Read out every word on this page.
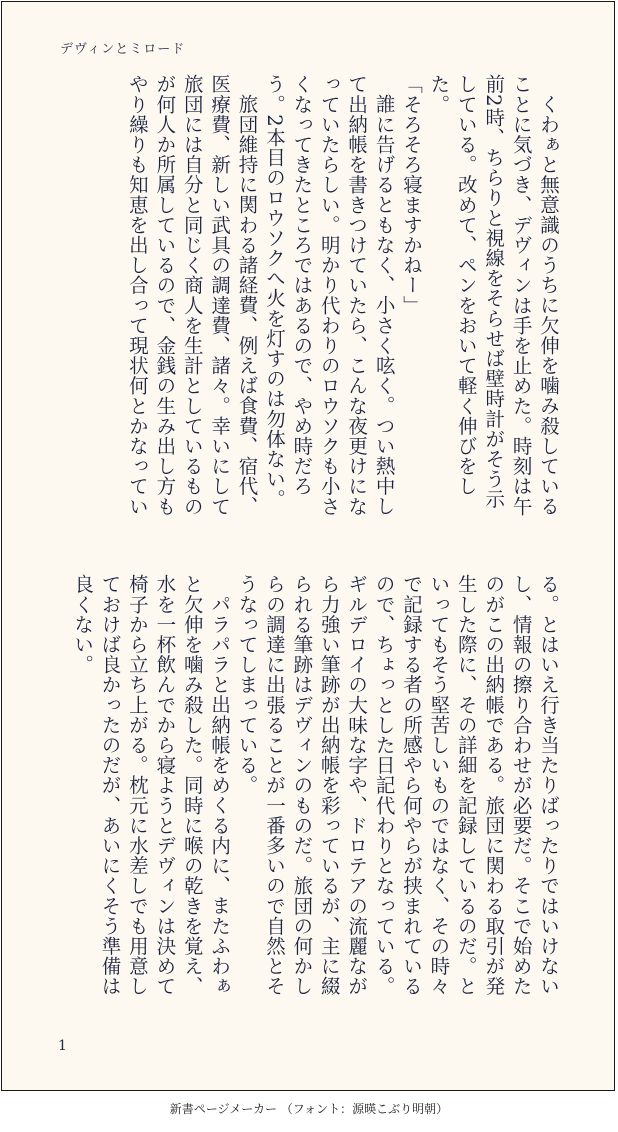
デヴィンとミロード

くわぁと無意識のうちに欠伸を噛み殺していることに気づき、デヴィンは手を止めた。時刻は午前2時、ちらりと視線をそらせば壁時計がそう示している。改めて、ペンをおいて軽く伸びをした。

「そろそろ寝ますかねー」

誰に告げるともなく、小さく呟く。つい熱中して出納帳を書きつけていたら、こんな夜更けになっていたらしい。明かり代わりのロウソクも小さくなってきたところではあるので、やめ時だろう。2本目のロウソクへ火を灯すのは勿体ない。

旅団維持に関わる諸経費、例えば食費、宿代、医療費、新しい武具の調達費、諸々。幸いにして旅団には自分と同じく商人を生計としているものが何人か所属しているので、金銭の生み出し方もやり繰りも知恵を出し合って現状何とかなってい

る。とはいえ行き当たりばったりではいけないし、情報の擦り合わせが必要だ。そこで始めたのがこの出納帳である。旅団に関わる取引が発生した際に、その詳細を記録しているのだ。といってもそう堅苦しいものではなく、その時々で記録する者の所感やら何やらが挟まれているので、ちょっとした日記代わりとなっている。ギルデロイの大味な字や、ドロテアの流麗ながら力強い筆跡が出納帳を彩っているが、主に綴られる筆跡はデヴィンのものだ。旅団の何かしらの調達に出張ることが一番多いので自然とそうなってしまっている。

パラパラと出納帳をめくる内に、またふわぁと欠伸を噛み殺した。同時に喉の乾きを覚え、水を一杯飲んでから寝ようとデヴィンは決めて椅子から立ち上がる。枕元に水差しでも用意しておけば良かったのだが、あいにくそう準備は良くない。

1
新書ページメーカー （フォント：源暎こぶり明朝）
